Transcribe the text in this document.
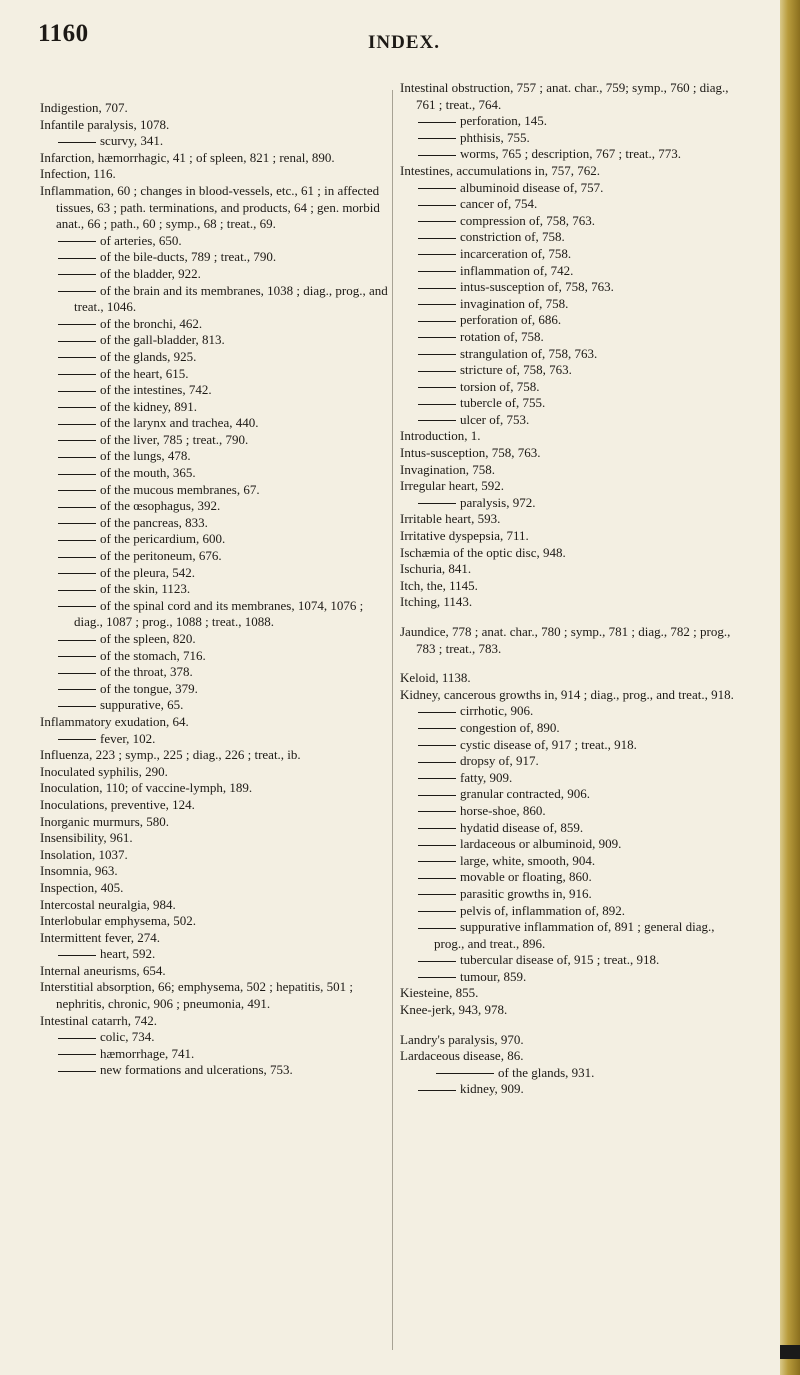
1160	INDEX.

Indigestion, 707.

Infantile paralysis, 1078.

scurvy, 341.

Infarction, hæmorrhagic, 41 ; of spleen, 821 ; renal, 890.

Infection, 116.

Inflammation, 60 ; changes in blood-vessels, etc., 61 ; in affected tissues, 63 ; path. terminations, and products, 64 ; gen. morbid anat., 66 ; path., 60 ; symp., 68 ; treat., 69.

of arteries, 650.

of the bile-ducts, 789 ; treat., 790.

of the bladder, 922.

of the brain and its membranes, 1038 ; diag., prog., and treat., 1046.

of the bronchi, 462.

of the gall-bladder, 813.

of the glands, 925.

of the heart, 615.

of the intestines, 742.

of the kidney, 891.

of the larynx and trachea, 440.

of the liver, 785 ; treat., 790.

of the lungs, 478.

of the mouth, 365.

of the mucous membranes, 67.

of the œsophagus, 392.

of the pancreas, 833.

of the pericardium, 600.

of the peritoneum, 676.

of the pleura, 542.

of the skin, 1123.

of the spinal cord and its membranes, 1074, 1076 ; diag., 1087 ; prog., 1088 ; treat., 1088.

of the spleen, 820.

of the stomach, 716.

of the throat, 378.

of the tongue, 379.

suppurative, 65.

Inflammatory exudation, 64.

fever, 102.

Influenza, 223 ; symp., 225 ; diag., 226 ; treat., ib.

Inoculated syphilis, 290.

Inoculation, 110; of vaccine-lymph, 189.

Inoculations, preventive, 124.

Inorganic murmurs, 580.

Insensibility, 961.

Insolation, 1037.

Insomnia, 963.

Inspection, 405.

Intercostal neuralgia, 984.

Interlobular emphysema, 502.

Intermittent fever, 274.

heart, 592.

Internal aneurisms, 654.

Interstitial absorption, 66; emphysema, 502 ; hepatitis, 501 ; nephritis, chronic, 906 ; pneumonia, 491.

Intestinal catarrh, 742.

colic, 734.

hæmorrhage, 741.

new formations and ulcerations, 753.

Intestinal obstruction, 757 ; anat. char., 759; symp., 760 ; diag., 761 ; treat., 764.

perforation, 145.

phthisis, 755.

worms, 765 ; description, 767 ; treat., 773.

Intestines, accumulations in, 757, 762.

albuminoid disease of, 757.

cancer of, 754.

compression of, 758, 763.

constriction of, 758.

incarceration of, 758.

inflammation of, 742.

intus-susception of, 758, 763.

invagination of, 758.

perforation of, 686.

rotation of, 758.

strangulation of, 758, 763.

stricture of, 758, 763.

torsion of, 758.

tubercle of, 755.

ulcer of, 753.

Introduction, 1.

Intus-susception, 758, 763.

Invagination, 758.

Irregular heart, 592.

paralysis, 972.

Irritable heart, 593.

Irritative dyspepsia, 711.

Ischæmia of the optic disc, 948.

Ischuria, 841.

Itch, the, 1145.

Itching, 1143.

Jaundice, 778 ; anat. char., 780 ; symp., 781 ; diag., 782 ; prog., 783 ; treat., 783.

Keloid, 1138.

Kidney, cancerous growths in, 914 ; diag., prog., and treat., 918.

cirrhotic, 906.

congestion of, 890.

cystic disease of, 917 ; treat., 918.

dropsy of, 917.

fatty, 909.

granular contracted, 906.

horse-shoe, 860.

hydatid disease of, 859.

lardaceous or albuminoid, 909.

large, white, smooth, 904.

movable or floating, 860.

parasitic growths in, 916.

pelvis of, inflammation of, 892.

suppurative inflammation of, 891 ; general diag., prog., and treat., 896.

tubercular disease of, 915 ; treat., 918.

tumour, 859.

Kiesteine, 855.

Knee-jerk, 943, 978.

Landry's paralysis, 970.

Lardaceous disease, 86.

of the glands, 931.

kidney, 909.
